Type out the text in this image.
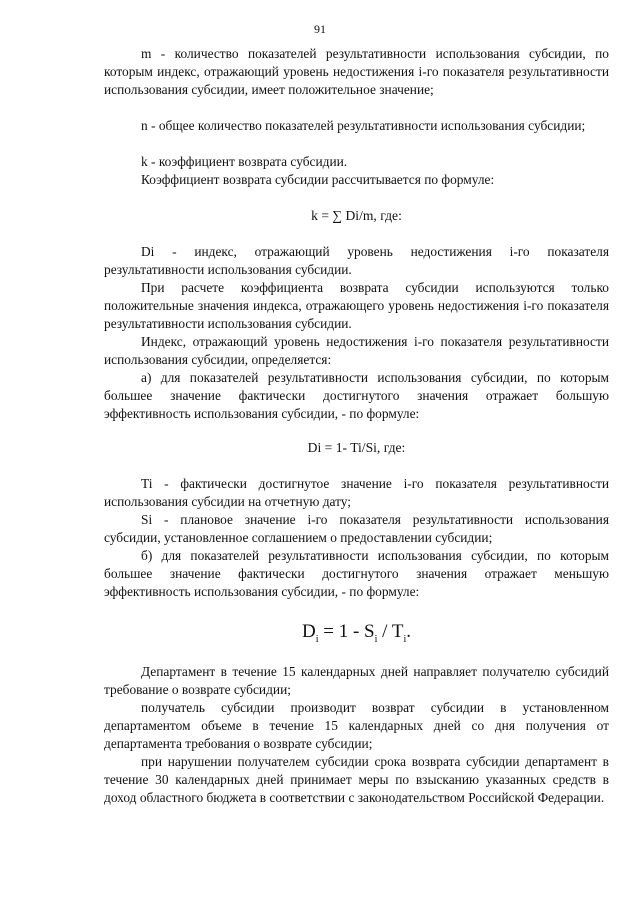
91

m - количество показателей результативности использования субсидии, по которым индекс, отражающий уровень недостижения i-го показателя результативности использования субсидии, имеет положительное значение;

n - общее количество показателей результативности использования субсидии;

k - коэффициент возврата субсидии.

Коэффициент возврата субсидии рассчитывается по формуле:

k = ∑ Di/m, где:

Di - индекс, отражающий уровень недостижения i-го показателя результативности использования субсидии.

При расчете коэффициента возврата субсидии используются только положительные значения индекса, отражающего уровень недостижения i-го показателя результативности использования субсидии.

Индекс, отражающий уровень недостижения i-го показателя результативности использования субсидии, определяется:

а) для показателей результативности использования субсидии, по которым большее значение фактически достигнутого значения отражает большую эффективность использования субсидии, - по формуле:

Di = 1- Ti/Si, где:

Ti - фактически достигнутое значение i-го показателя результативности использования субсидии на отчетную дату;

Si - плановое значение i-го показателя результативности использования субсидии, установленное соглашением о предоставлении субсидии;

б) для показателей результативности использования субсидии, по которым большее значение фактически достигнутого значения отражает меньшую эффективность использования субсидии, - по формуле:

$D_i = 1 - S_i / T_i$.

Департамент в течение 15 календарных дней направляет получателю субсидий требование о возврате субсидии;

получатель субсидии производит возврат субсидии в установленном департаментом объеме в течение 15 календарных дней со дня получения от департамента требования о возврате субсидии;

при нарушении получателем субсидии срока возврата субсидии департамент в течение 30 календарных дней принимает меры по взысканию указанных средств в доход областного бюджета в соответствии с законодательством Российской Федерации.
